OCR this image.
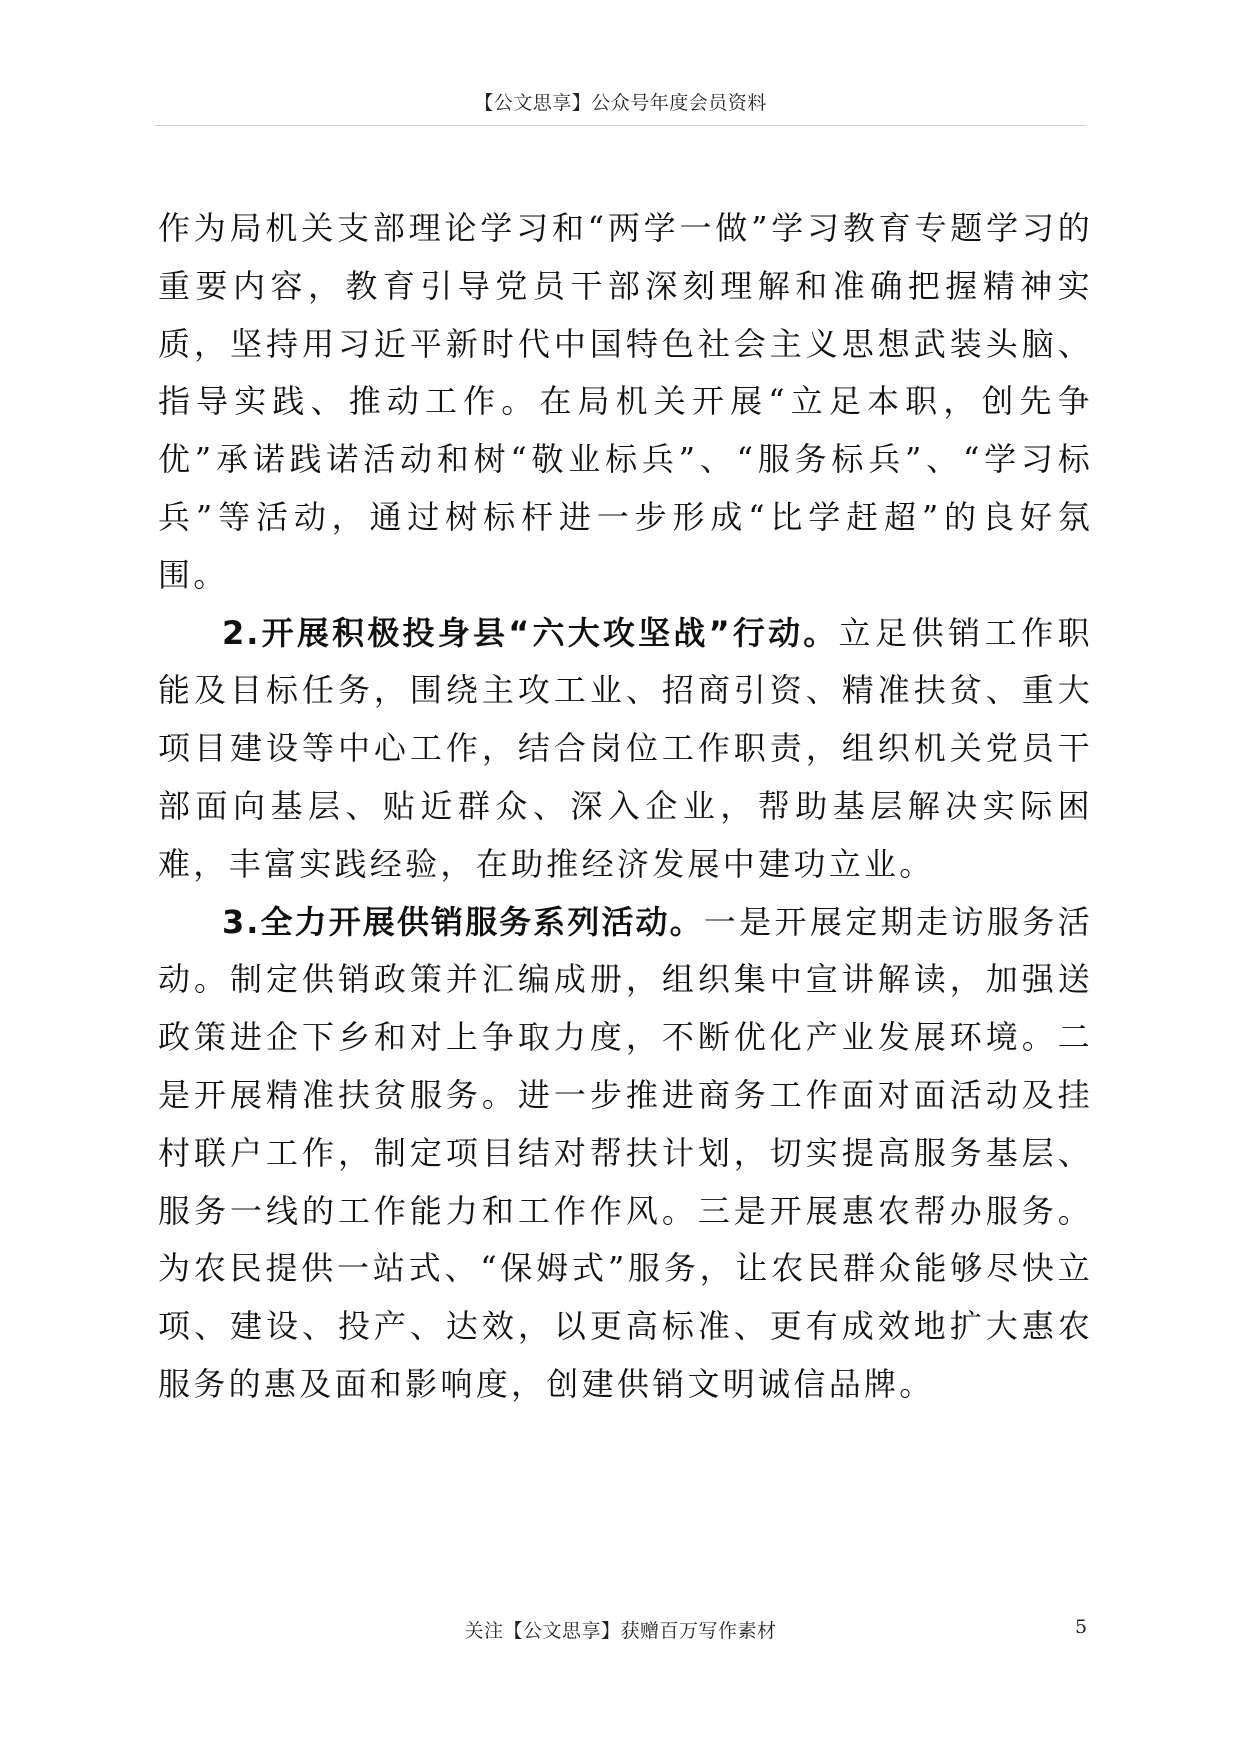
【公文思享】公众号年度会员资料

作为局机关支部理论学习和“两学一做”学习教育专题学习的重要内容，教育引导党员干部深刻理解和准确把握精神实质，坚持用习近平新时代中国特色社会主义思想武装头脑、指导实践、推动工作。在局机关开展“立足本职，创先争优”承诺践诺活动和树“敬业标兵”、“服务标兵”、“学习标兵”等活动，通过树标杆进一步形成“比学赶超”的良好氛围。

2.开展积极投身县“六大攻坚战”行动。立足供销工作职能及目标任务，围绕主攻工业、招商引资、精准扶贫、重大项目建设等中心工作，结合岗位工作职责，组织机关党员干部面向基层、贴近群众、深入企业，帮助基层解决实际困难，丰富实践经验，在助推经济发展中建功立业。

3.全力开展供销服务系列活动。一是开展定期走访服务活动。制定供销政策并汇编成册，组织集中宣讲解读，加强送政策进企下乡和对上争取力度，不断优化产业发展环境。二是开展精准扶贫服务。进一步推进商务工作面对面活动及挂村联户工作，制定项目结对帮扶计划，切实提高服务基层、服务一线的工作能力和工作作风。三是开展惠农帮办服务。为农民提供一站式、“保姆式”服务，让农民群众能够尽快立项、建设、投产、达效，以更高标准、更有成效地扩大惠农服务的惠及面和影响度，创建供销文明诚信品牌。

关注【公文思享】获赠百万写作素材	5
